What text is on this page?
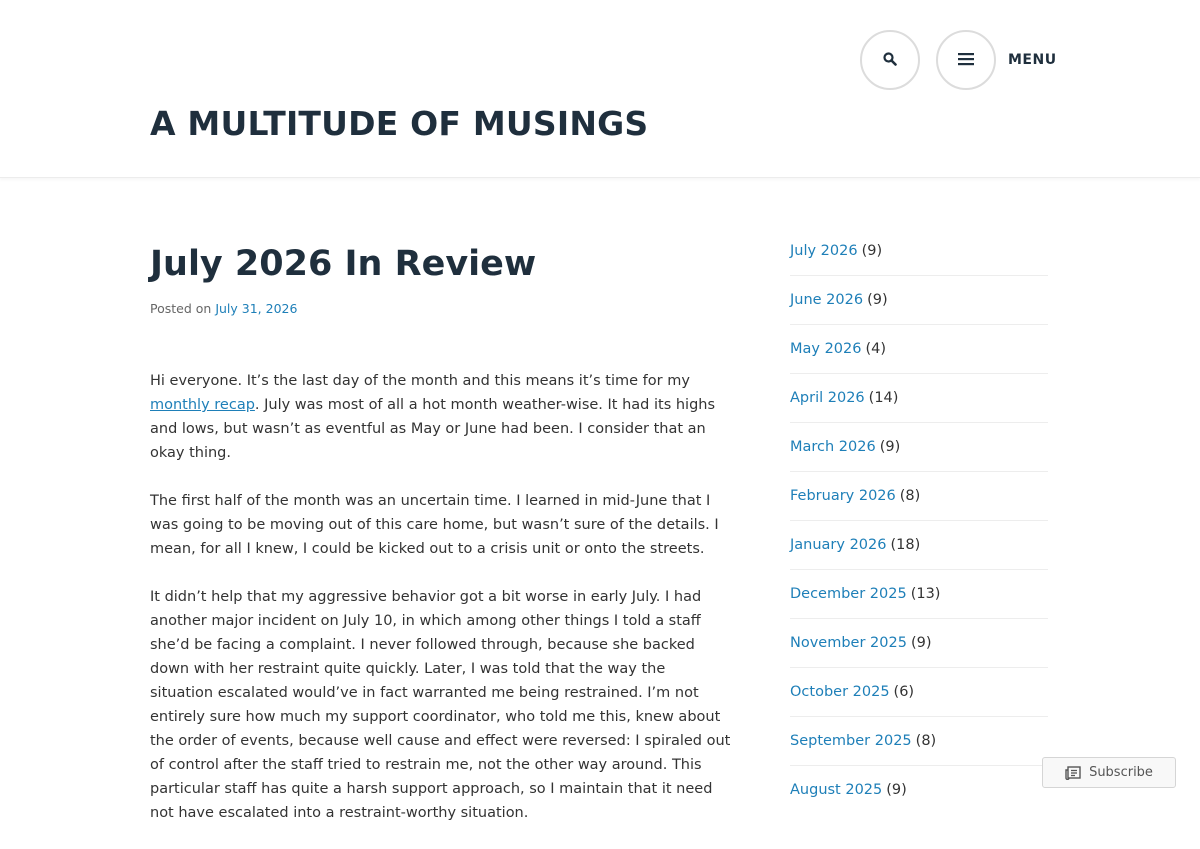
MENU
A MULTITUDE OF MUSINGS
July 2026 In Review
Posted on July 31, 2026

Hi everyone. It’s the last day of the month and this means it’s time for my monthly recap. July was most of all a hot month weather-wise. It had its highs and lows, but wasn’t as eventful as May or June had been. I consider that an okay thing.

The first half of the month was an uncertain time. I learned in mid-June that I was going to be moving out of this care home, but wasn’t sure of the details. I mean, for all I knew, I could be kicked out to a crisis unit or onto the streets.

It didn’t help that my aggressive behavior got a bit worse in early July. I had another major incident on July 10, in which among other things I told a staff she’d be facing a complaint. I never followed through, because she backed down with her restraint quite quickly. Later, I was told that the way the situation escalated would’ve in fact warranted me being restrained. I’m not entirely sure how much my support coordinator, who told me this, knew about the order of events, because well cause and effect were reversed: I spiraled out of control after the staff tried to restrain me, not the other way around. This particular staff has quite a harsh support approach, so I maintain that it need not have escalated into a restraint-worthy situation.

July 2026 (9)
June 2026 (9)
May 2026 (4)
April 2026 (14)
March 2026 (9)
February 2026 (8)
January 2026 (18)
December 2025 (13)
November 2025 (9)
October 2025 (6)
September 2025 (8)
August 2025 (9)
Subscribe
